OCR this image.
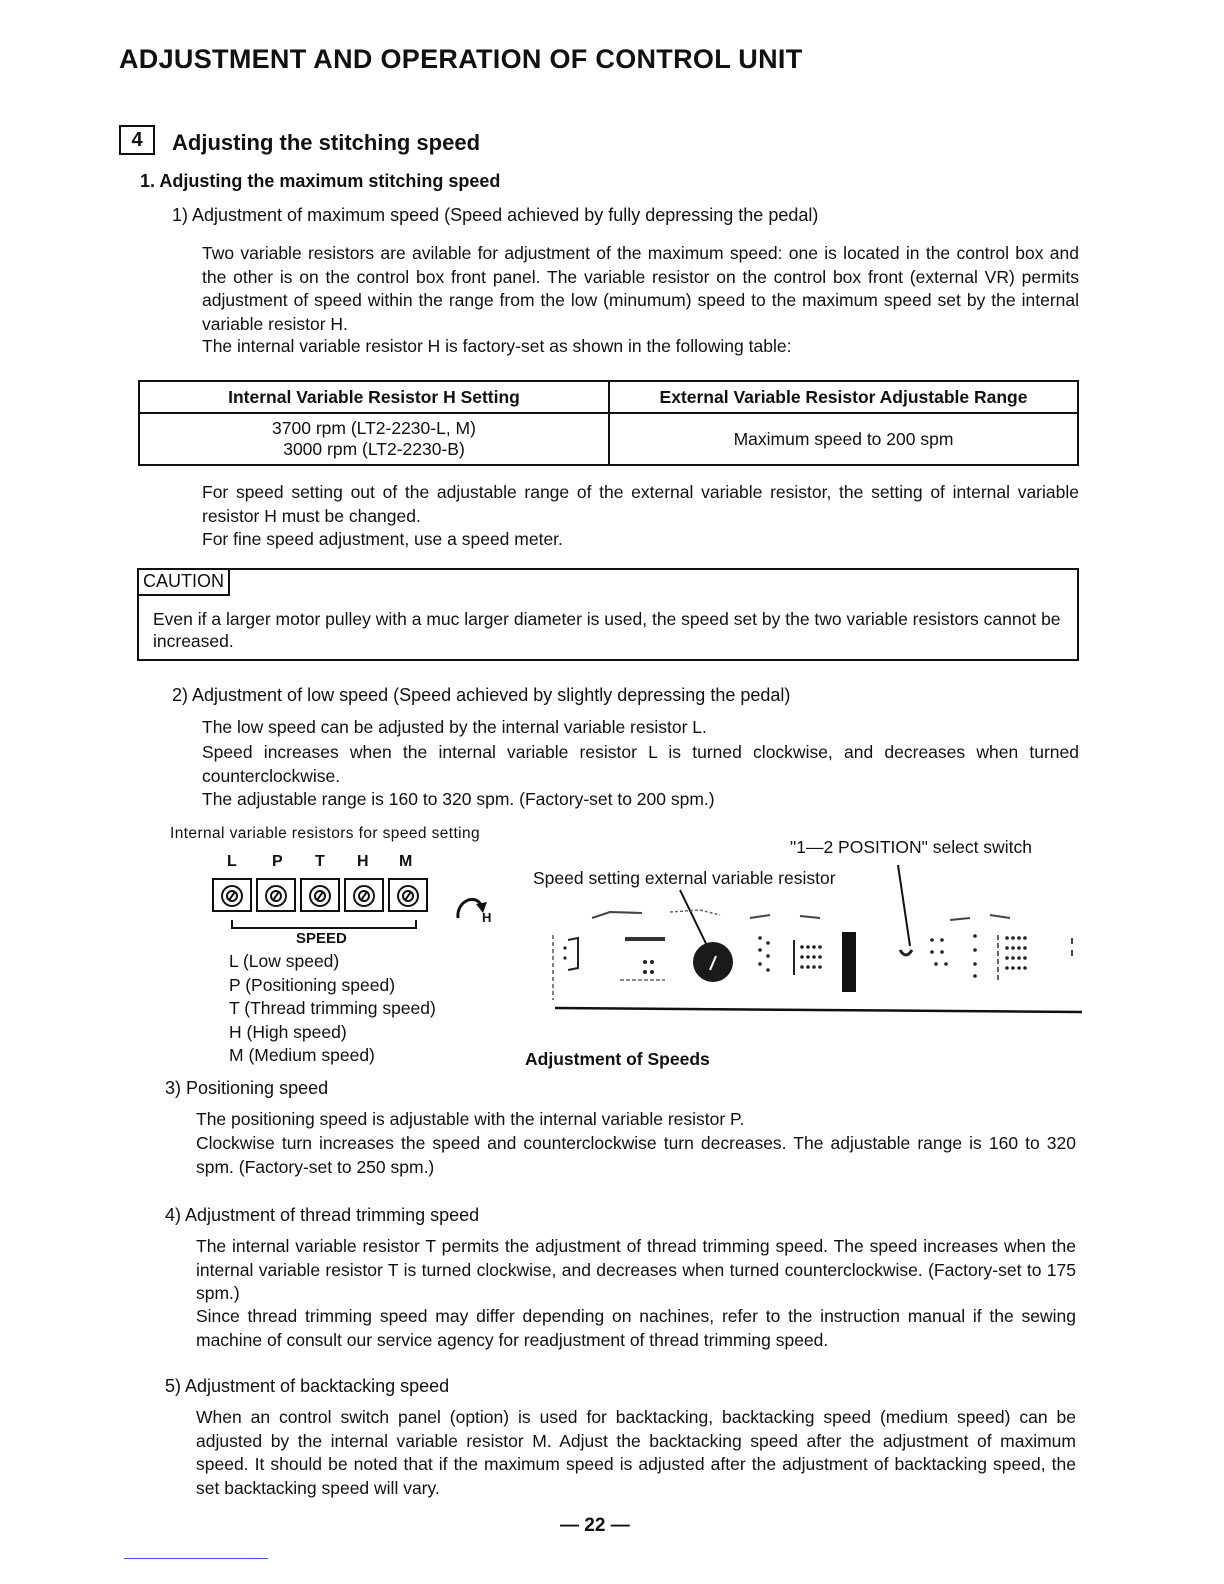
ADJUSTMENT AND OPERATION OF CONTROL UNIT
4	Adjusting the stitching speed
1. Adjusting the maximum stitching speed
1) Adjustment of maximum speed (Speed achieved by fully depressing the pedal)
Two variable resistors are avilable for adjustment of the maximum speed: one is located in the control box and the other is on the control box front panel. The variable resistor on the control box front (external VR) permits adjustment of speed within the range from the low (minumum) speed to the maximum speed set by the internal variable resistor H.
The internal variable resistor H is factory-set as shown in the following table:
Internal Variable Resistor H Setting	External Variable Resistor Adjustable Range

3700 rpm (LT2-2230-L, M)
3000 rpm (LT2-2230-B)	Maximum speed to 200 spm
For speed setting out of the adjustable range of the external variable resistor, the setting of internal variable resistor H must be changed.
For fine speed adjustment, use a speed meter.
CAUTION
Even if a larger motor pulley with a muc larger diameter is used, the speed set by the two variable resistors cannot be increased.
2) Adjustment of low speed (Speed achieved by slightly depressing the pedal)
The low speed can be adjusted by the internal variable resistor L.
Speed increases when the internal variable resistor L is turned clockwise, and decreases when turned counterclockwise.
The adjustable range is 160 to 320 spm. (Factory-set to 200 spm.)
Internal variable resistors for speed setting
L P T H M
SPEED
H
L (Low speed)
P (Positioning speed)
T (Thread trimming speed)
H (High speed)
M (Medium speed)
"1—2 POSITION" select switch
Speed setting external variable resistor
Adjustment of Speeds
3) Positioning speed
The positioning speed is adjustable with the internal variable resistor P.
Clockwise turn increases the speed and counterclockwise turn decreases. The adjustable range is 160 to 320 spm. (Factory-set to 250 spm.)
4) Adjustment of thread trimming speed
The internal variable resistor T permits the adjustment of thread trimming speed. The speed increases when the internal variable resistor T is turned clockwise, and decreases when turned counterclockwise. (Factory-set to 175 spm.)
Since thread trimming speed may differ depending on nachines, refer to the instruction manual if the sewing machine of consult our service agency for readjustment of thread trimming speed.
5) Adjustment of backtacking speed
When an control switch panel (option) is used for backtacking, backtacking speed (medium speed) can be adjusted by the internal variable resistor M. Adjust the backtacking speed after the adjustment of maximum speed. It should be noted that if the maximum speed is adjusted after the adjustment of backtacking speed, the set backtacking speed will vary.
— 22 —
